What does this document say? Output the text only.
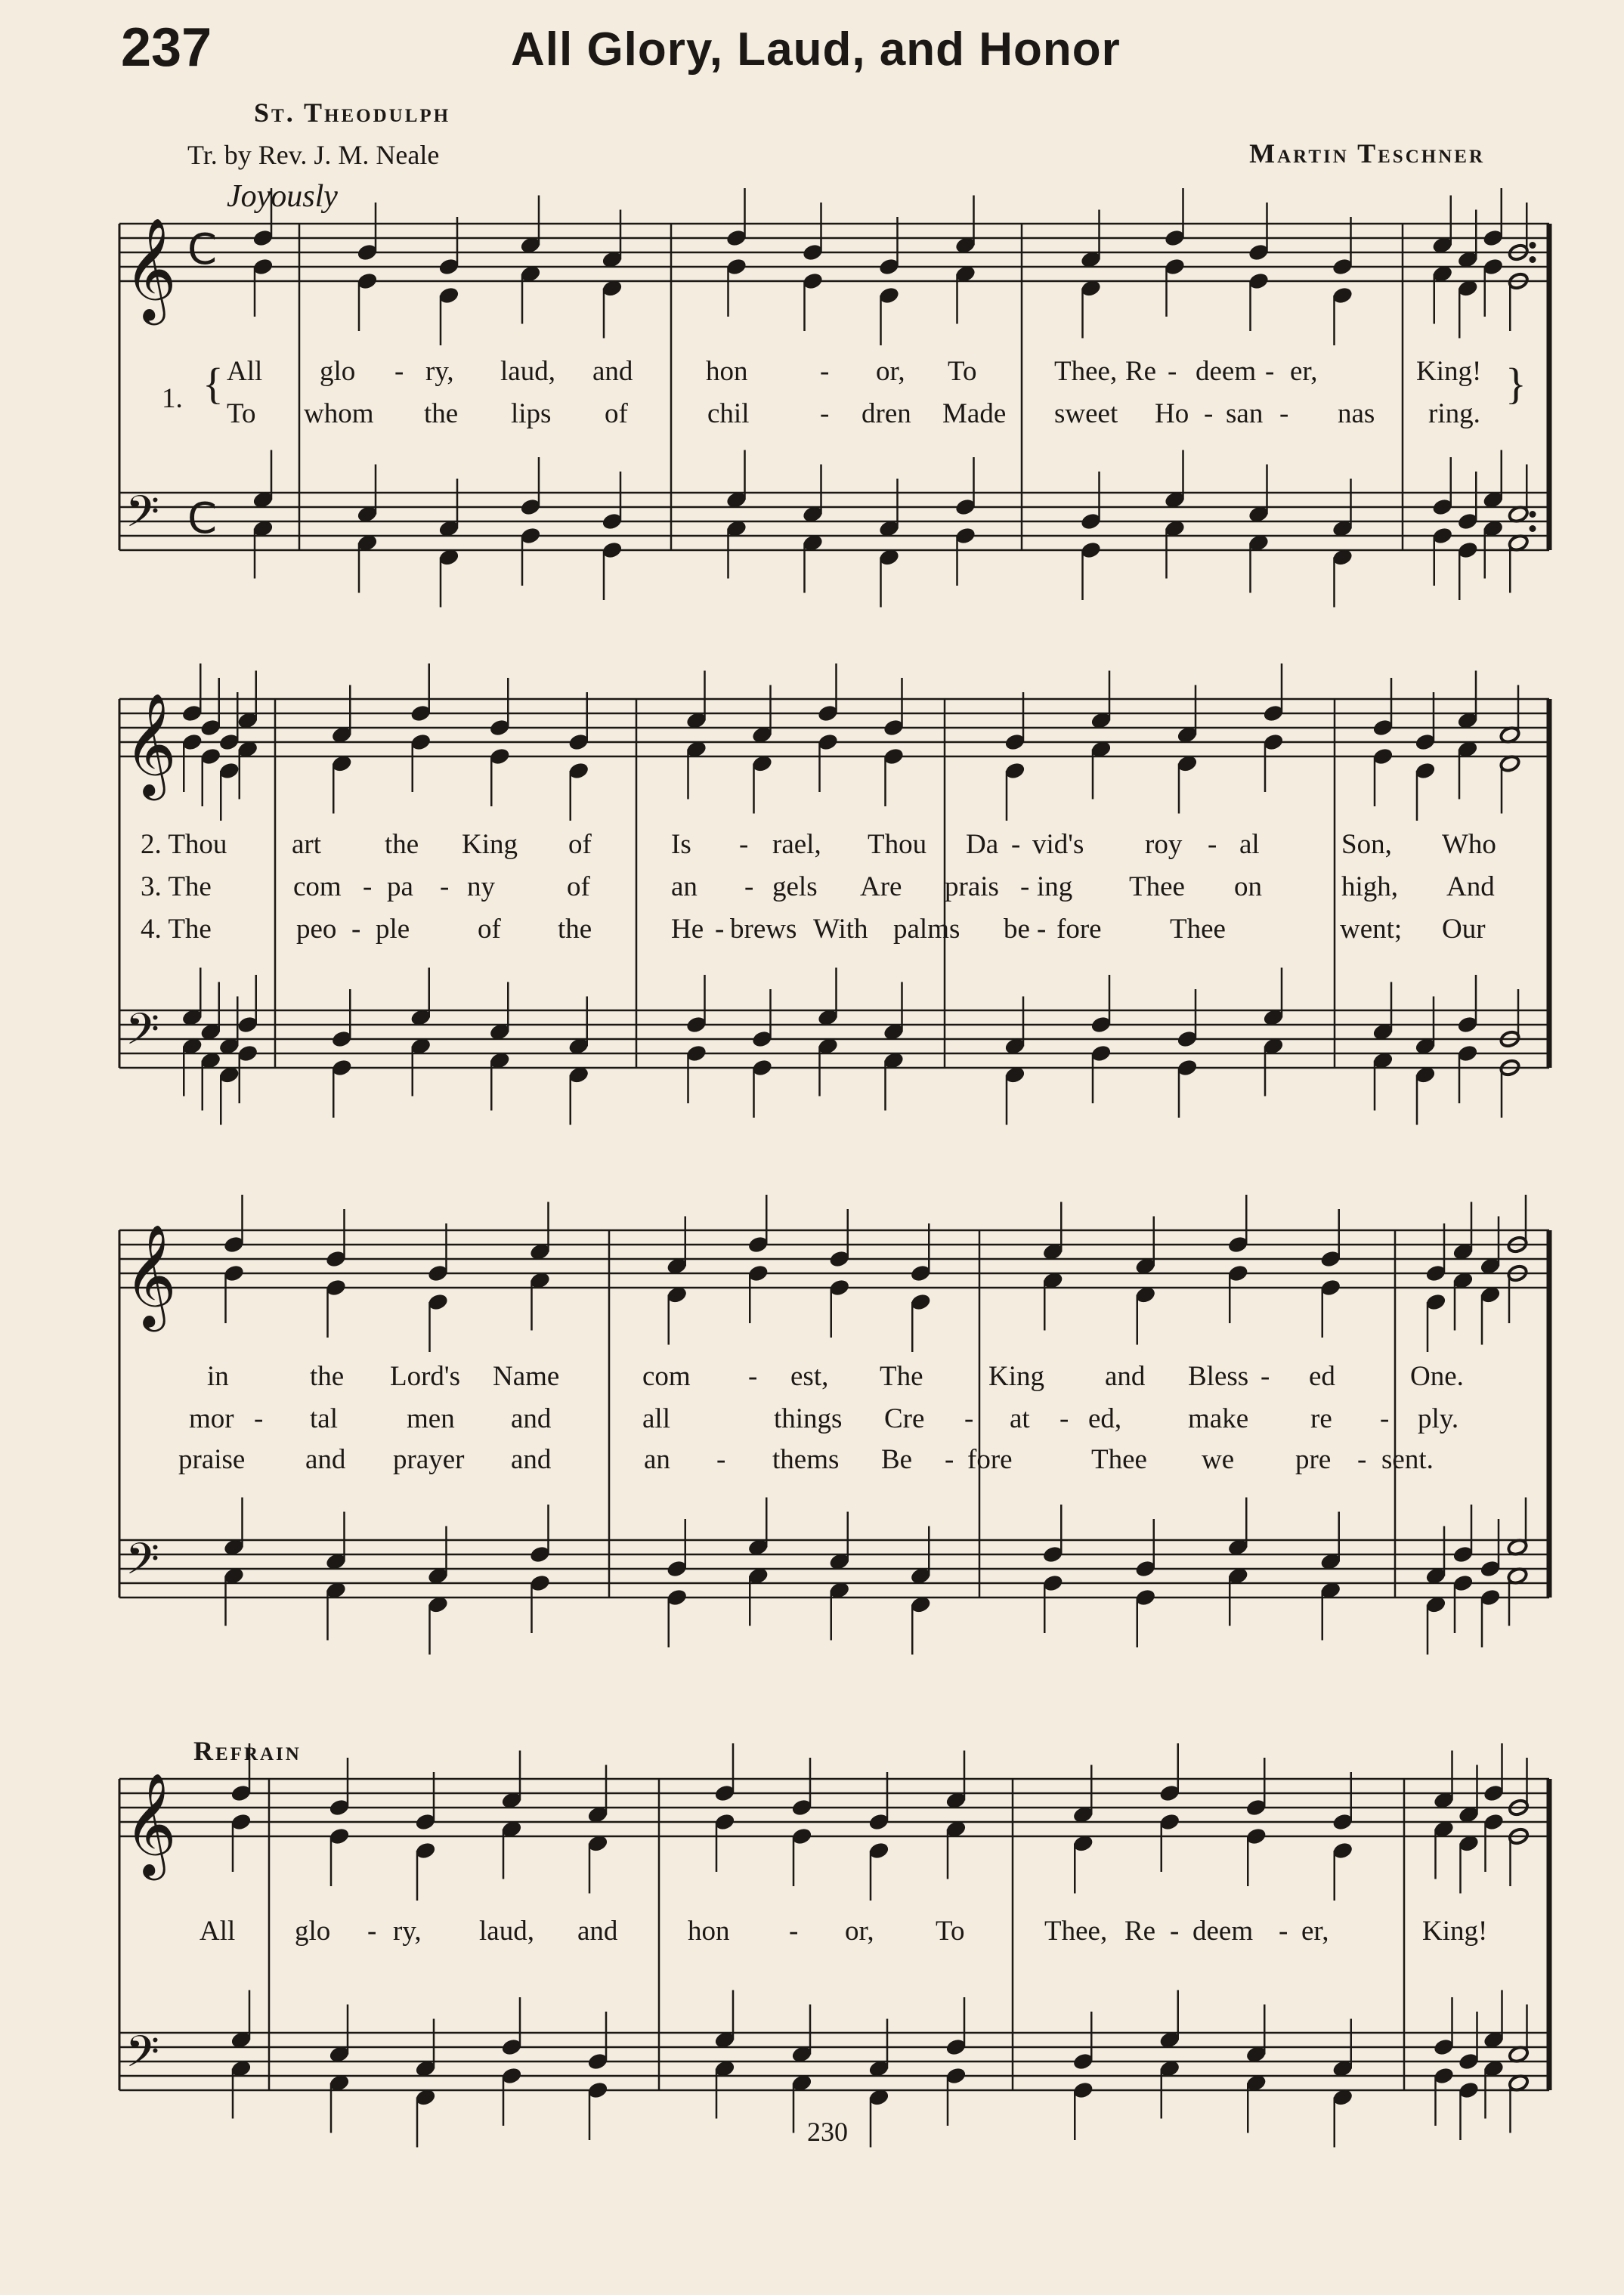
237	All Glory, Laud, and Honor
St. Theodulph
Tr. by Rev. J. M. Neale	Martin Teschner
Joyously
Refrain
230
𝄞
𝄢
C
C
𝄞
𝄢
𝄞
𝄢
𝄞
𝄢
1. {	}
All glo - ry, laud, and	hon	- or, To	Thee, Re - deem - er,	King!
To whom the lips of	chil	- dren Made sweet Ho - san - nas ring.
2. Thou art the King of	Is - rael, Thou Da - vid's roy - al	Son, Who
3. The	com - pa - ny	of	an - gels Are prais - ing Thee on	high, And
4. The	peo - ple of the	He - brews With palms be - fore Thee	went; Our
in	the Lord's Name	com - est, The King and Bless - ed	One.
mor - tal men and	all	things Cre - at - ed, make re - ply.
praise and prayer and	an - thems Be - fore	Thee we pre - sent.
All glo - ry, laud, and	hon - or, To	Thee, Re - deem - er,	King!
